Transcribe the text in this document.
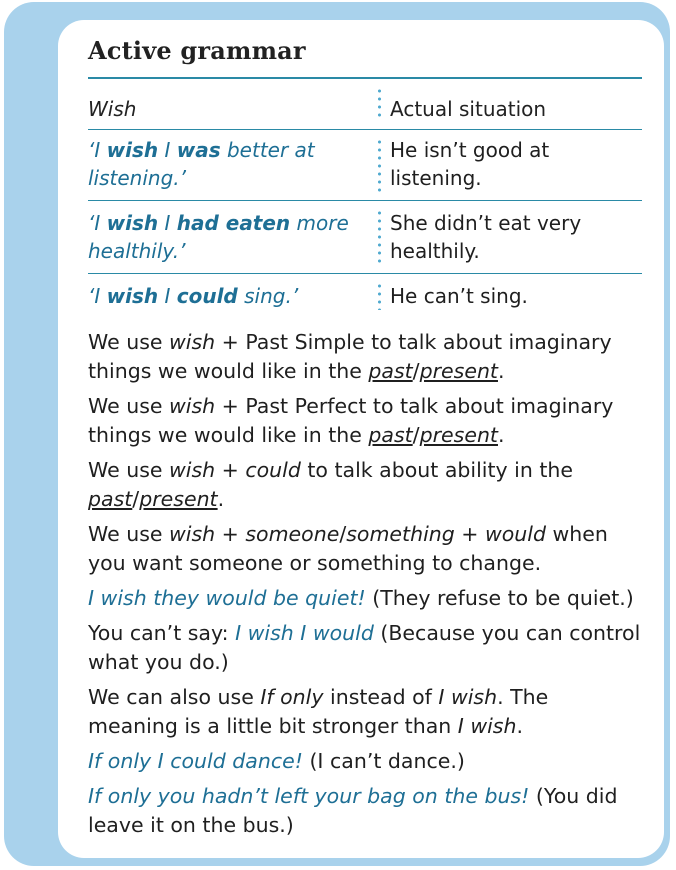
Active grammar
Wish	Actual situation
‘I wish I was better at listening.’	He isn’t good at listening.
‘I wish I had eaten more healthily.’	She didn’t eat very healthily.
‘I wish I could sing.’	He can’t sing.

We use wish + Past Simple to talk about imaginary things we would like in the past/present.

We use wish + Past Perfect to talk about imaginary things we would like in the past/present.

We use wish + could to talk about ability in the past/present.

We use wish + someone/something + would when you want someone or something to change.

I wish they would be quiet! (They refuse to be quiet.)

You can’t say: I wish I would (Because you can control what you do.)

We can also use If only instead of I wish. The meaning is a little bit stronger than I wish.

If only I could dance! (I can’t dance.)

If only you hadn’t left your bag on the bus! (You did leave it on the bus.)
